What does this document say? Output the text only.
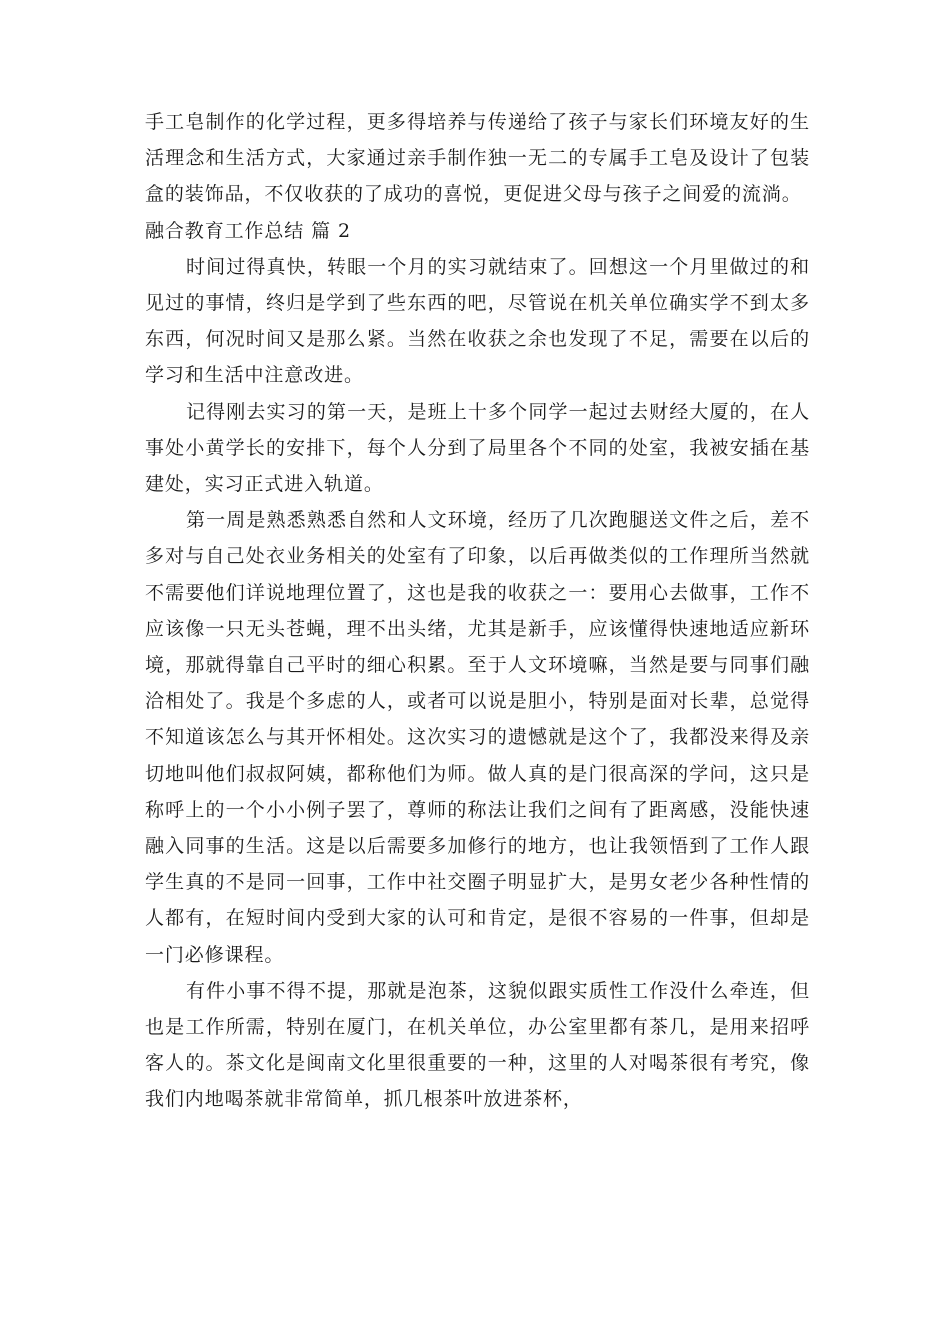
手工皂制作的化学过程，更多得培养与传递给了孩子与家长们环境友好的生活理念和生活方式，大家通过亲手制作独一无二的专属手工皂及设计了包装盒的装饰品，不仅收获的了成功的喜悦，更促进父母与孩子之间爱的流淌。

融合教育工作总结 篇 2

时间过得真快，转眼一个月的实习就结束了。回想这一个月里做过的和见过的事情，终归是学到了些东西的吧，尽管说在机关单位确实学不到太多东西，何况时间又是那么紧。当然在收获之余也发现了不足，需要在以后的学习和生活中注意改进。

记得刚去实习的第一天，是班上十多个同学一起过去财经大厦的，在人事处小黄学长的安排下，每个人分到了局里各个不同的处室，我被安插在基建处，实习正式进入轨道。

第一周是熟悉熟悉自然和人文环境，经历了几次跑腿送文件之后，差不多对与自己处衣业务相关的处室有了印象，以后再做类似的工作理所当然就不需要他们详说地理位置了，这也是我的收获之一：要用心去做事，工作不应该像一只无头苍蝇，理不出头绪，尤其是新手，应该懂得快速地适应新环境，那就得靠自己平时的细心积累。至于人文环境嘛，当然是要与同事们融洽相处了。我是个多虑的人，或者可以说是胆小，特别是面对长辈，总觉得不知道该怎么与其开怀相处。这次实习的遗憾就是这个了，我都没来得及亲切地叫他们叔叔阿姨，都称他们为师。做人真的是门很高深的学问，这只是称呼上的一个小小例子罢了，尊师的称法让我们之间有了距离感，没能快速融入同事的生活。这是以后需要多加修行的地方，也让我领悟到了工作人跟学生真的不是同一回事，工作中社交圈子明显扩大，是男女老少各种性情的人都有，在短时间内受到大家的认可和肯定，是很不容易的一件事，但却是一门必修课程。

有件小事不得不提，那就是泡茶，这貌似跟实质性工作没什么牵连，但也是工作所需，特别在厦门，在机关单位，办公室里都有茶几，是用来招呼客人的。茶文化是闽南文化里很重要的一种，这里的人对喝茶很有考究，像我们内地喝茶就非常简单，抓几根茶叶放进茶杯，
